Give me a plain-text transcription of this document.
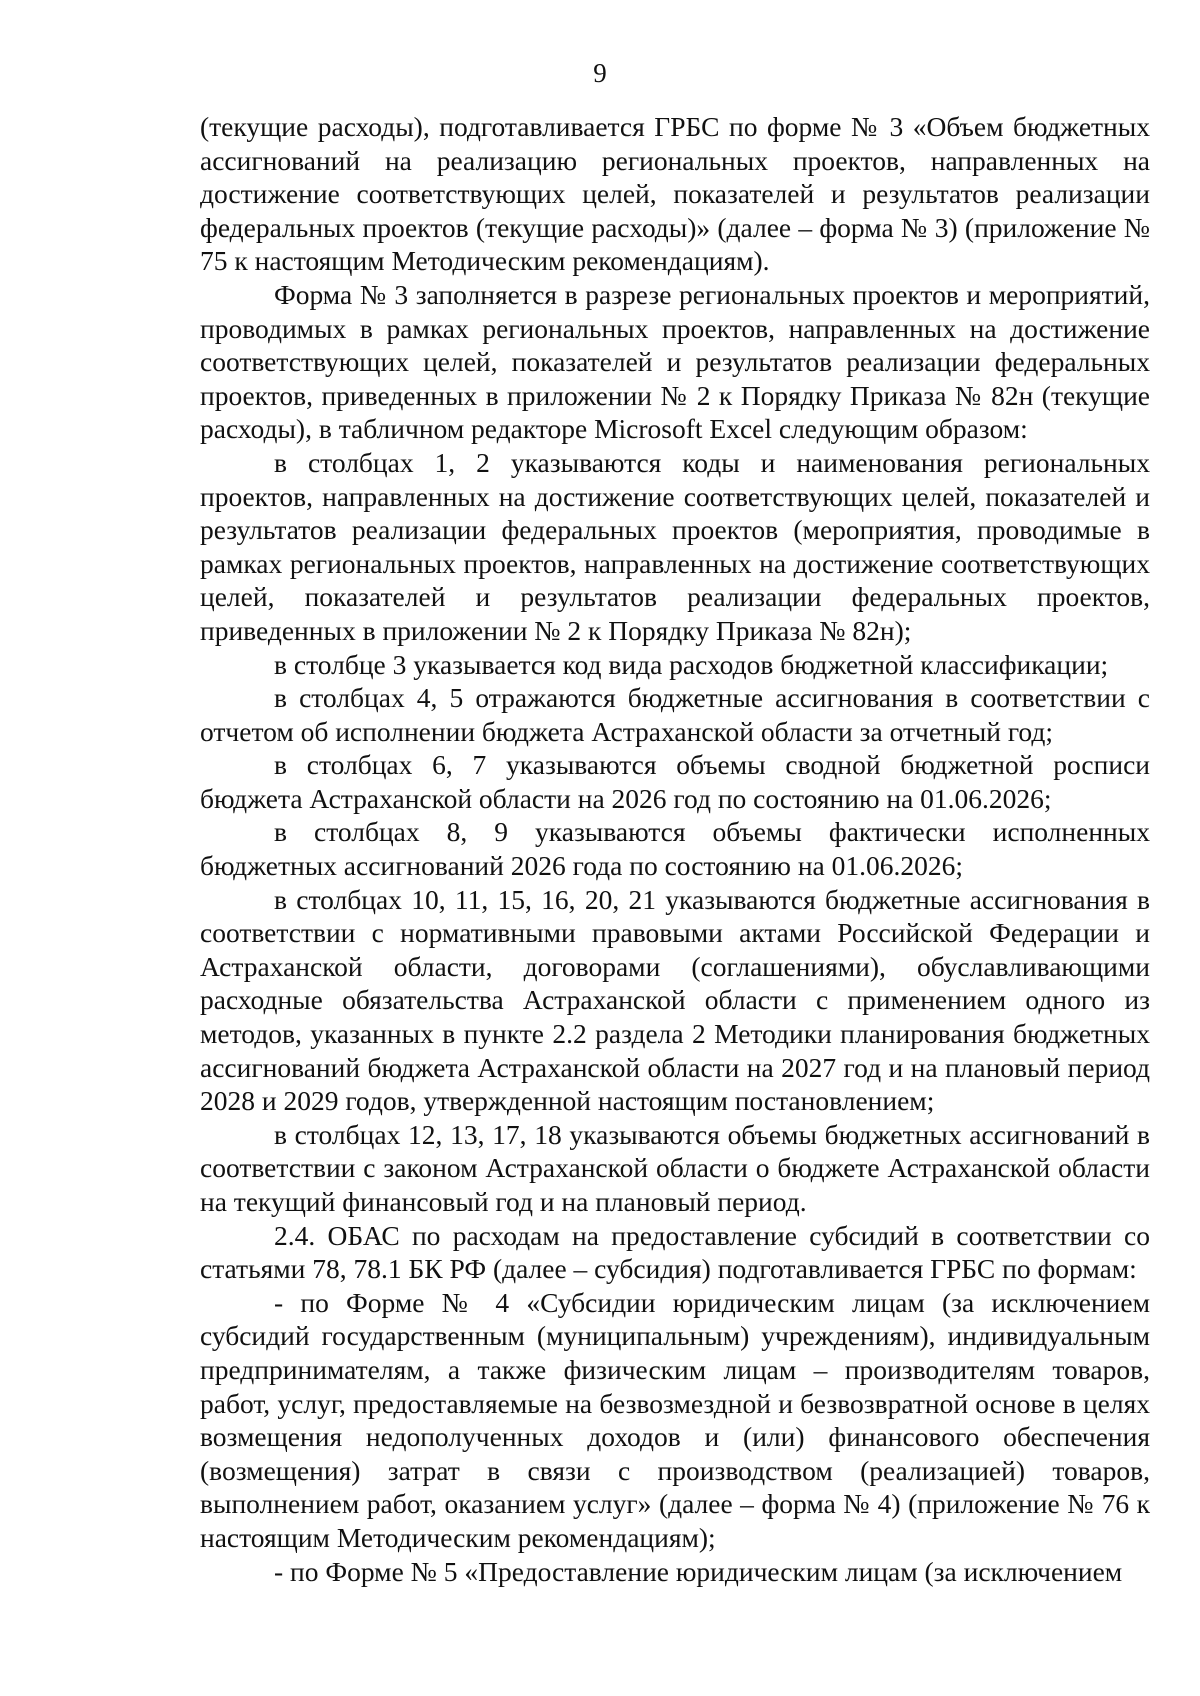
9

(текущие расходы), подготавливается ГРБС по форме № 3 «Объем бюджетных ассигнований на реализацию региональных проектов, направленных на достижение соответствующих целей, показателей и результатов реализации федеральных проектов (текущие расходы)» (далее – форма № 3) (приложение № 75 к настоящим Методическим рекомендациям).

Форма № 3 заполняется в разрезе региональных проектов и мероприятий, проводимых в рамках региональных проектов, направленных на достижение соответствующих целей, показателей и результатов реализации федеральных проектов, приведенных в приложении № 2 к Порядку Приказа № 82н (текущие расходы), в табличном редакторе Microsoft Excel следующим образом:

в столбцах 1, 2 указываются коды и наименования региональных проектов, направленных на достижение соответствующих целей, показателей и результатов реализации федеральных проектов (мероприятия, проводимые в рамках региональных проектов, направленных на достижение соответствующих целей, показателей и результатов реализации федеральных проектов, приведенных в приложении № 2 к Порядку Приказа № 82н);

в столбце 3 указывается код вида расходов бюджетной классификации;

в столбцах 4, 5 отражаются бюджетные ассигнования в соответствии с отчетом об исполнении бюджета Астраханской области за отчетный год;

в столбцах 6, 7 указываются объемы сводной бюджетной росписи бюджета Астраханской области на 2026 год по состоянию на 01.06.2026;

в столбцах 8, 9 указываются объемы фактически исполненных бюджетных ассигнований 2026 года по состоянию на 01.06.2026;

в столбцах 10, 11, 15, 16, 20, 21 указываются бюджетные ассигнования в соответствии с нормативными правовыми актами Российской Федерации и Астраханской области, договорами (соглашениями), обуславливающими расходные обязательства Астраханской области с применением одного из методов, указанных в пункте 2.2 раздела 2 Методики планирования бюджетных ассигнований бюджета Астраханской области на 2027 год и на плановый период 2028 и 2029 годов, утвержденной настоящим постановлением;

в столбцах 12, 13, 17, 18 указываются объемы бюджетных ассигнований в соответствии с законом Астраханской области о бюджете Астраханской области на текущий финансовый год и на плановый период.

2.4. ОБАС по расходам на предоставление субсидий в соответствии со статьями 78, 78.1 БК РФ (далее – субсидия) подготавливается ГРБС по формам:

- по Форме № 4 «Субсидии юридическим лицам (за исключением субсидий государственным (муниципальным) учреждениям), индивидуальным предпринимателям, а также физическим лицам – производителям товаров, работ, услуг, предоставляемые на безвозмездной и безвозвратной основе в целях возмещения недополученных доходов и (или) финансового обеспечения (возмещения) затрат в связи с производством (реализацией) товаров, выполнением работ, оказанием услуг» (далее – форма № 4) (приложение № 76 к настоящим Методическим рекомендациям);

- по Форме № 5 «Предоставление юридическим лицам (за исключением
